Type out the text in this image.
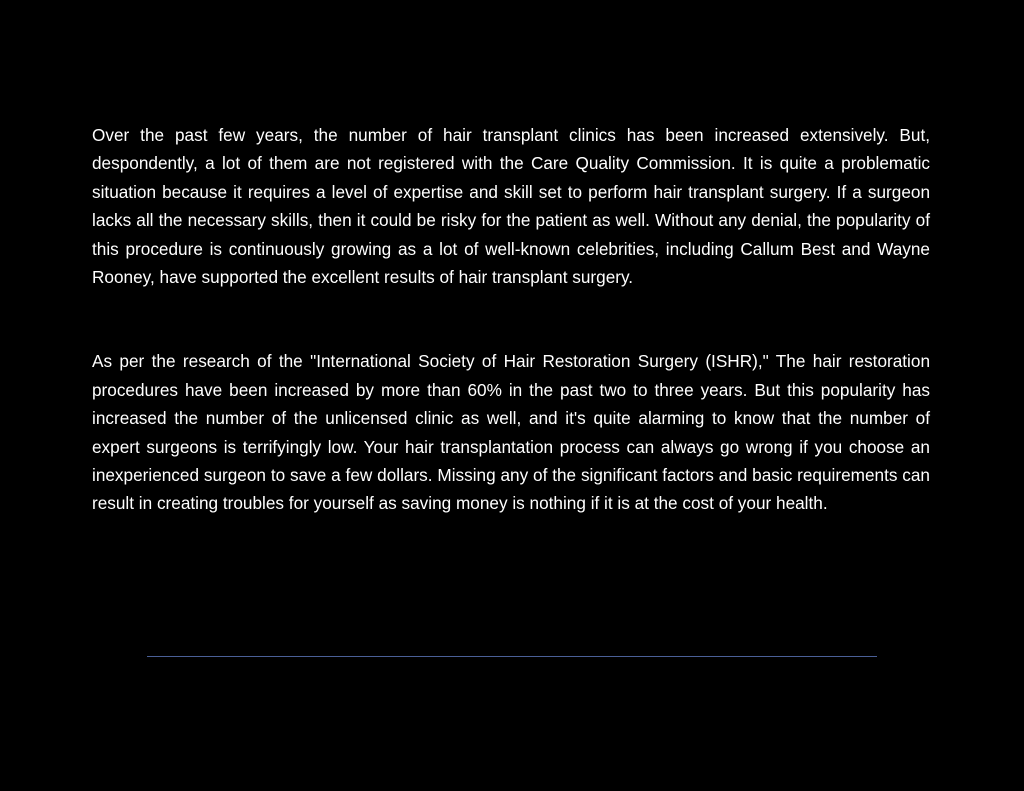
Over the past few years, the number of hair transplant clinics has been increased extensively. But, despondently, a lot of them are not registered with the Care Quality Commission. It is quite a problematic situation because it requires a level of expertise and skill set to perform hair transplant surgery. If a surgeon lacks all the necessary skills, then it could be risky for the patient as well. Without any denial, the popularity of this procedure is continuously growing as a lot of well-known celebrities, including Callum Best and Wayne Rooney, have supported the excellent results of hair transplant surgery.

As per the research of the "International Society of Hair Restoration Surgery (ISHR)," The hair restoration procedures have been increased by more than 60% in the past two to three years. But this popularity has increased the number of the unlicensed clinic as well, and it's quite alarming to know that the number of expert surgeons is terrifyingly low. Your hair transplantation process can always go wrong if you choose an inexperienced surgeon to save a few dollars. Missing any of the significant factors and basic requirements can result in creating troubles for yourself as saving money is nothing if it is at the cost of your health.
